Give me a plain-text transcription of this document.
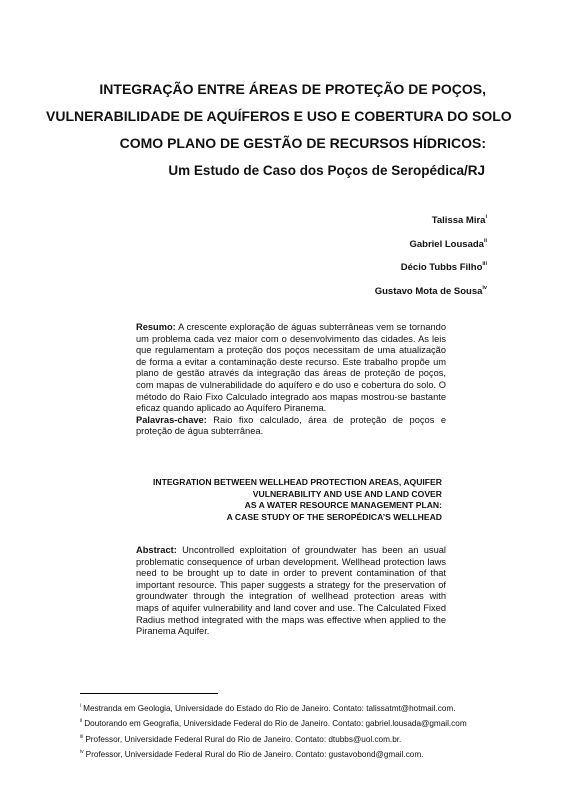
INTEGRAÇÃO ENTRE ÁREAS DE PROTEÇÃO DE POÇOS,
VULNERABILIDADE DE AQUÍFEROS E USO E COBERTURA DO SOLO
COMO PLANO DE GESTÃO DE RECURSOS HÍDRICOS:
Um Estudo de Caso dos Poços de Seropédica/RJ
Talissa Mira$^i$
Gabriel Lousada$^{ii}$
Décio Tubbs Filho$^{iii}$
Gustavo Mota de Sousa$^{iv}$

Resumo: A crescente exploração de águas subterrâneas vem se tornando um problema cada vez maior com o desenvolvimento das cidades. As leis que regulamentam a proteção dos poços necessitam de uma atualização de forma a evitar a contaminação deste recurso. Este trabalho propõe um plano de gestão através da integração das áreas de proteção de poços, com mapas de vulnerabilidade do aquífero e do uso e cobertura do solo. O método do Raio Fixo Calculado integrado aos mapas mostrou-se bastante eficaz quando aplicado ao Aquífero Piranema.

Palavras-chave: Raio fixo calculado, área de proteção de poços e proteção de água subterrânea.

INTEGRATION BETWEEN WELLHEAD PROTECTION AREAS, AQUIFER
VULNERABILITY AND USE AND LAND COVER
AS A WATER RESOURCE MANAGEMENT PLAN:
A CASE STUDY OF THE SEROPÉDICA’S WELLHEAD

Abstract: Uncontrolled exploitation of groundwater has been an usual problematic consequence of urban development. Wellhead protection laws need to be brought up to date in order to prevent contamination of that important resource. This paper suggests a strategy for the preservation of groundwater through the integration of wellhead protection areas with maps of aquifer vulnerability and land cover and use. The Calculated Fixed Radius method integrated with the maps was effective when applied to the Piranema Aquifer.

$^i$ Mestranda em Geologia, Universidade do Estado do Rio de Janeiro. Contato: talissatmt@hotmail.com.
$^{ii}$ Doutorando em Geografia, Universidade Federal do Rio de Janeiro. Contato: gabriel.lousada@gmail.com
$^{iii}$ Professor, Universidade Federal Rural do Rio de Janeiro. Contato: dtubbs@uol.com.br.
$^{iv}$ Professor, Universidade Federal Rural do Rio de Janeiro. Contato: gustavobond@gmail.com.
